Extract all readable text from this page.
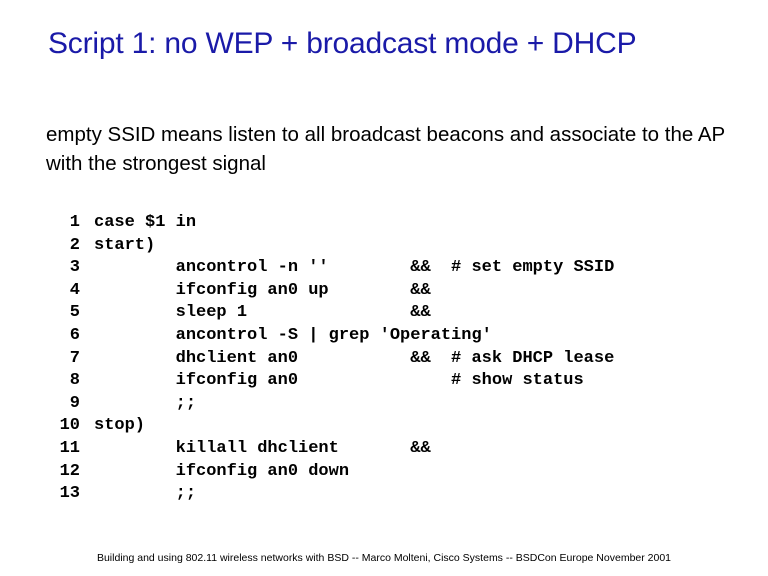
Script 1: no WEP + broadcast mode + DHCP
empty SSID means listen to all broadcast beacons and associate to the AP with the strongest signal
1 case $1 in
2 start)
3        ancontrol -n ''        &&  # set empty SSID
4        ifconfig an0 up        &&
5        sleep 1                &&
6        ancontrol -S | grep 'Operating'
7        dhclient an0           &&  # ask DHCP lease
8        ifconfig an0               # show status
9        ;;
10 stop)
11        killall dhclient       &&
12        ifconfig an0 down
13        ;;
Building and using 802.11 wireless networks with BSD -- Marco Molteni, Cisco Systems -- BSDCon Europe November 2001
